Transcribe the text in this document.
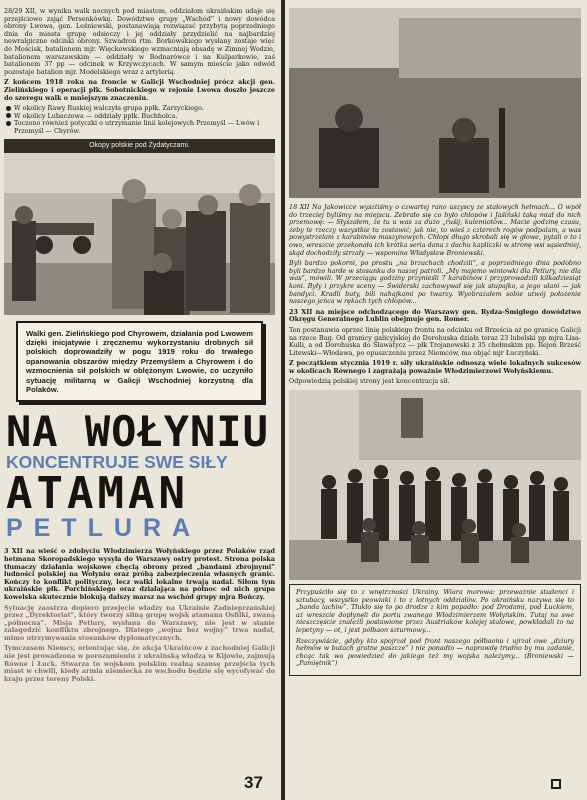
28/29 XII, w wyniku walk nocnych pod miastem, oddziałom ukraińskim udaje się przejściowo zająć Persenkówkę. Dowództwo grupy „Wschód” i nowy dowódca obrony Lwowa, gen. Leśniewski, postanawiają rozwiązać przybytą poprzedniego dnia do miasta grupę odsieczy i jej oddziały przydzielić na najbardziej newralgiczne odcinki obrony. Szwadron rtm. Borkowskiego wysłany zostaje więc do Mościsk, batalionem mjr. Więckowskiego wzmacniają obsadę w Zimnej Wodzie, batalionem warszawskim — oddziały w Bodnarówce i na Kulparkowie, zaś batalionem 37 pp — odcinek w Krzywczycach. W samym mieście jako odwód pozostaje batalion mjr. Modelskiego wraz z artylerią.

Z końcem 1918 roku na froncie w Galicji Wschodniej prócz akcji gen. Zielińskiego i operacji płk. Sobotnickiego w rejonie Lwowa doszło jeszcze do szeregu walk o mniejszym znaczeniu.

W okolicy Rawy Ruskiej walczyła grupa ppłk. Zarzyckiego.
W okolicy Lubaczowa — oddziały ppłk. Buchholca.
Toczono również potyczki o utrzymanie linii kolejowych Przemyśl — Lwów i Przemyśl — Chyrów.

Okopy polskie pod Żydatyczami.

Walki gen. Zielińskiego pod Chyrowem, działania pod Lwowem dzięki inicjatywie i zręcznemu wykorzystaniu drobnych sił polskich doprowadziły w pogu 1919 roku do trwałego opanowania obszarów między Przemyślem a Chyrowem i do wzmocnienia sił polskich w oblężonym Lwowie, co uczyniło sytuację militarną w Galicji Wschodniej korzystną dla Polaków.

NA WOŁYNIU
KONCENTRUJE SWE SIŁY
ATAMAN
PETLURA

3 XII na wieść o zdobyciu Włodzimierza Wołyńskiego przez Polaków rząd hetmana Skoropadskiego wysyła do Warszawy ostry protest. Strona polska tłumaczy działania wojskowe chęcią obrony przed „bandami zbrojnymi” ludności polskiej na Wołyniu oraz próbą zabezpieczenia własnych granic. Kończy to konflikt polityczny, lecz walki lokalne trwają nadal. Siłom tym ukraińskie płk. Porchińskiego oraz działająca na północ od nich grupa kowelska skutecznie blokują dalszy marsz na wschód grupy mjra Bończy.

Sytuację zaostrza dopiero przejęcie władzy na Ukrainie Zadnieprzańskiej przez „Dyrektoriat”, który tworzy silną grupę wojsk atamana Osfilki, zwaną „północną”. Misja Petlury, wysłana do Warszawy, nie jest w stanie załagodzić konfliktu zbrojnego. Dlatego „wojna bez wojny” trwa nadal, mimo utrzymywania stosunków dyplomatycznych.

Tymczasem Niemcy, orientując się, że akcja Ukraińców z zachodniej Galicji nie jest prowadzona w porozumieniu z ukraińską władzą w Kijowie, zajmują Równe i Łuck. Stwarza to wojskom polskim realną szansę przejścia tych miast w chwili, kiedy armia niemiecka ze wschodu będzie się wycofywać do kraju przez tereny Polski.

18 XII Na Jakowicce wysztiśmy o czwartej rano uszyscy ze stałowych hełmach... O wpół do trzeciej byliśmy na miejscu. Zebrało się co było chłopów i Jaśiński taką miał do nich przemowę: — Słyszałem, że tu u was za dużo „ruśij, kulemiotów... Macie godzinę czasu, żeby te rzeczy wszystkie tu zostawić; jak nie, to wieś z czterech rogów podpalam, a was powystrzelam z karabinów maszynowych. Chłopi długo skrobali się w głowe, pytali o to i owo, wreszcie przekonała ich krótka seria dana z dachu kapliczki w stronę wsi sąsiedniej, skąd dochodziły strzały — wspomina Władysław Broniewski.

Byli bardzo pokorni, po prostu „na brzuchach chodzili”, a poprzedniego dnia podobno byli bardzo harde w stosunku do naszej patroli. „My majemo wintowki dla Petlury, nie dla was”, mówili. W przeciągu godziny przynieśli 7 karabinów i przyprowadzili kilkadziesiąt koni. Były i przykre sceny — Świderski zachowywał się jak stupajko, a jego ułani — jak bandyci. Kradli buty, bili nahajkami po twarzy. Wyobrażałem sobie utwój położenie naszego jeńca w rękach tych chłopów...

23 XII na miejsce odchodzącego do Warszawy gen. Rydza-Śmigłego dowództwo Okręgu Generalnego Lublin obejmuje gen. Romer.

Ten postanawia oprzeć linię polskiego frontu na odcinku od Brześcia aż po granicę Galicji na rzece Bug. Od granicy galicyjskiej do Dorohuska działa teraz 23 lubelski pp mjra Lisa-Kulli, a od Dorohuska do Sławatycz — płk Trojanowski z 35 chełmskim pp. Rejon Brześć Litewski—Włodawa, po opuszczeniu przez Niemców, ma objąć mjr Łuczyński.

Z początkiem stycznia 1919 r. siły ukraińskie odnoszą wiele lokalnych sukcesów w okolicach Równego i zagrażają poważnie Włodzimierzowi Wołyńskiemu.

Odpowiedzią polskiej strony jest koncentracja sił.

Przypuściło się to z wnętrzności Ukrainy. Wiara morowa: przeważnie studenci i sztubacy, wszystko peowiaki i to z lotnych oddziałów. Po ukraińsku nazywa się to „banda lachiw”. Tłukło się to po drodze z kim popadło: pod Drodami, pod Łuckiem, aż wreszcie dopłynęli do portu zwanego Włodzimierzem Wołyńskim. Tutaj na swe nieszczęście znaleźli postawione przez Austriaków kolejej stalowe, powkładali to na lepetyny — ot, i jest półbaon szturmowy...

Rzeczywiście, gdyby kto spojrzał pod front naszego półbaonu i ujrzał owe „dziury hełmów w butach gratne paszcze” i nie ponadto — naprawdę trudno by mu zadanie, chcąc tak wo powiedzieć do jakiego też my wojska należymy... (Broniewski — „Pamiętnik”)

37
